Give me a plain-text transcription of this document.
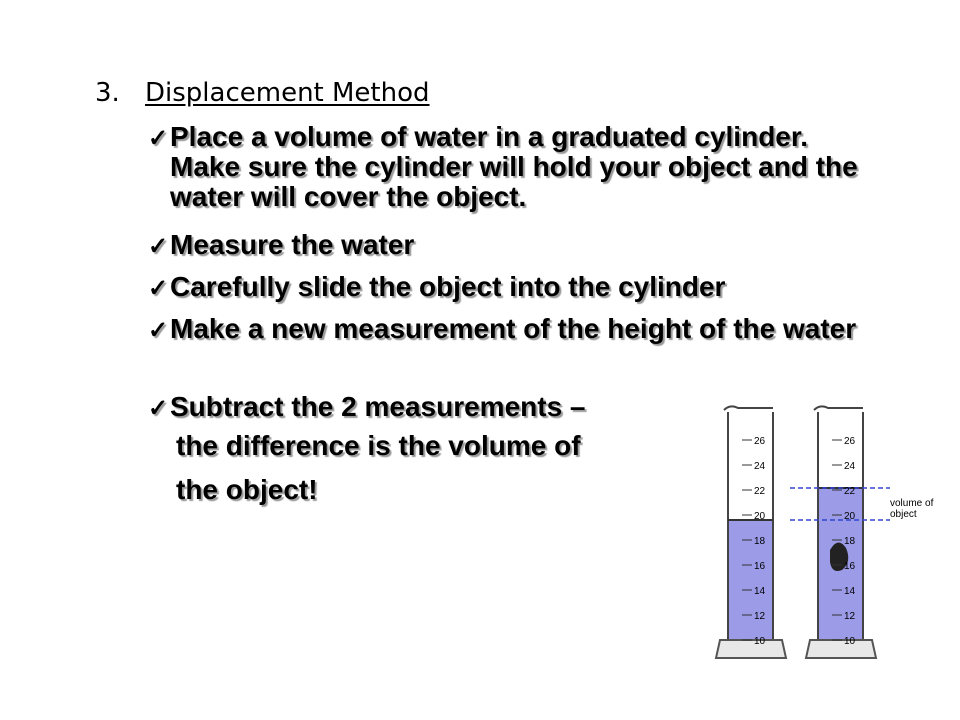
3. Displacement Method
✓Place a volume of water in a graduated cylinder. Make sure the cylinder will hold your object and the water will cover the object.
✓Measure the water
✓Carefully slide the object into the cylinder
✓Make a new measurement of the height of the water
✓Subtract the 2 measurements –
the difference is the volume of
the object!	volume of
object
26
24
22
20
18
16
14
12
10
26
24
22
20
18
16
14
12
10
